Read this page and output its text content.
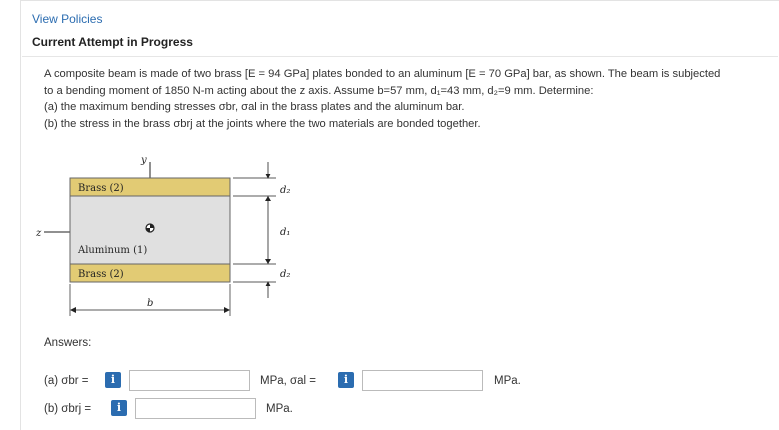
View Policies
Current Attempt in Progress

A composite beam is made of two brass [E = 94 GPa] plates bonded to an aluminum [E = 70 GPa] bar, as shown. The beam is subjected

to a bending moment of 1850 N-m acting about the z axis. Assume b=57 mm, d₁=43 mm, d₂=9 mm. Determine:

(a) the maximum bending stresses σbr, σal in the brass plates and the aluminum bar.

(b) the stress in the brass σbrj at the joints where the two materials are bonded together.

y
z
Brass (2)
Aluminum (1)
Brass (2)
d₂
d₁
d₂
b
Answers:
(a) σbr =	i	MPa, σal =	i	MPa.
(b) σbrj =	i	MPa.
